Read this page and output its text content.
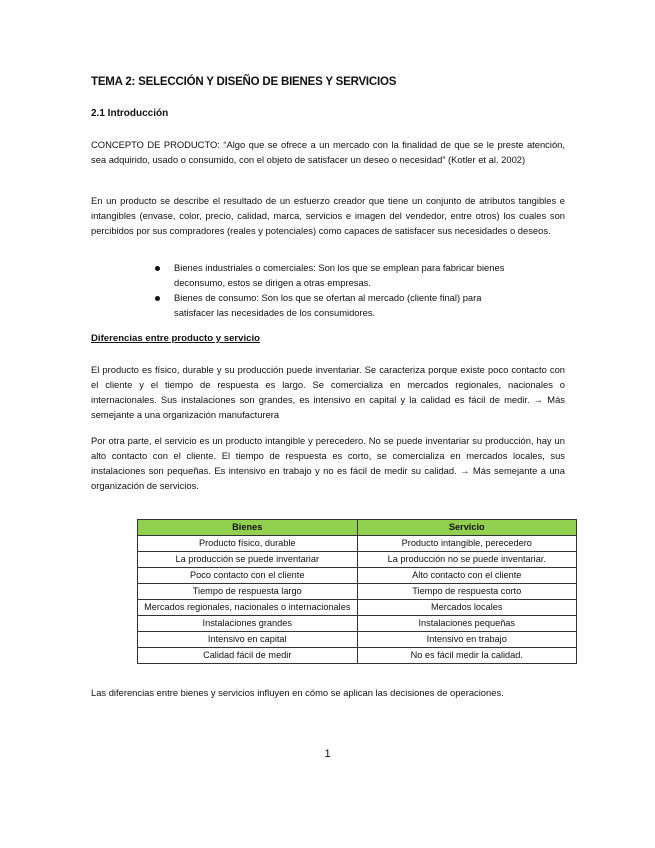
TEMA 2: SELECCIÓN Y DISEÑO DE BIENES Y SERVICIOS
2.1 Introducción
CONCEPTO DE PRODUCTO: “Algo que se ofrece a un mercado con la finalidad de que se le preste atención, sea adquirido, usado o consumido, con el objeto de satisfacer un deseo o necesidad” (Kotler et al. 2002)
En un producto se describe el resultado de un esfuerzo creador que tiene un conjunto de atributos tangibles e intangibles (envase, color, precio, calidad, marca, servicios e imagen del vendedor, entre otros) los cuales son percibidos por sus compradores (reales y potenciales) como capaces de satisfacer sus necesidades o deseos.
Bienes industriales o comerciales: Son los que se emplean para fabricar bienes deconsumo, estos se dirigen a otras empresas.
Bienes de consumo: Son los que se ofertan al mercado (cliente final) para satisfacer las necesidades de los consumidores.
Diferencias entre producto y servicio
El producto es físico, durable y su producción puede inventariar. Se caracteriza porque existe poco contacto con el cliente y el tiempo de respuesta es largo. Se comercializa en mercados regionales, nacionales o internacionales. Sus instalaciones son grandes, es intensivo en capital y la calidad es fácil de medir. → Más semejante a una organización manufacturera
Por otra parte, el servicio es un producto intangible y perecedero. No se puede inventariar su producción, hay un alto contacto con el cliente. El tiempo de respuesta es corto, se comercializa en mercados locales, sus instalaciones son pequeñas. Es intensivo en trabajo y no es fácil de medir su calidad. → Más semejante a una organización de servicios.
Bienes	Servicio
Producto físico, durable	Producto intangible, perecedero
La producción se puede inventariar	La producción no se puede inventariar.
Poco contacto con el cliente	Alto contacto con el cliente
Tiempo de respuesta largo	Tiempo de respuesta corto
Mercados regionales, nacionales o internacionales	Mercados locales
Instalaciones grandes	Instalaciones pequeñas
Intensivo en capital	Intensivo en trabajo
Calidad fácil de medir	No es fácil medir la calidad.
Las diferencias entre bienes y servicios influyen en cómo se aplican las decisiones de operaciones.
1
